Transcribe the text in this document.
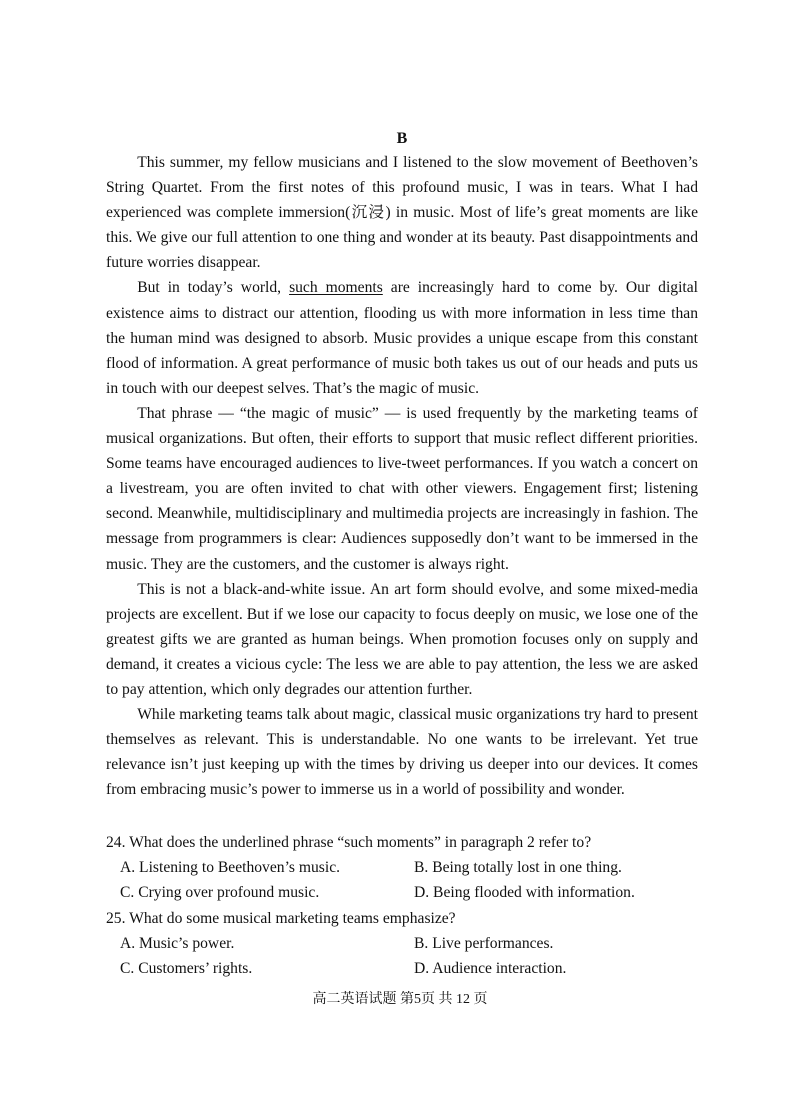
B

This summer, my fellow musicians and I listened to the slow movement of Beethoven’s String Quartet. From the first notes of this profound music, I was in tears. What I had experienced was complete immersion(沉浸) in music. Most of life’s great moments are like this. We give our full attention to one thing and wonder at its beauty. Past disappointments and future worries disappear.

But in today’s world, such moments are increasingly hard to come by. Our digital existence aims to distract our attention, flooding us with more information in less time than the human mind was designed to absorb. Music provides a unique escape from this constant flood of information. A great performance of music both takes us out of our heads and puts us in touch with our deepest selves. That’s the magic of music.

That phrase — “the magic of music” — is used frequently by the marketing teams of musical organizations. But often, their efforts to support that music reflect different priorities. Some teams have encouraged audiences to live-tweet performances. If you watch a concert on a livestream, you are often invited to chat with other viewers. Engagement first; listening second. Meanwhile, multidisciplinary and multimedia projects are increasingly in fashion. The message from programmers is clear: Audiences supposedly don’t want to be immersed in the music. They are the customers, and the customer is always right.

This is not a black-and-white issue. An art form should evolve, and some mixed-media projects are excellent. But if we lose our capacity to focus deeply on music, we lose one of the greatest gifts we are granted as human beings. When promotion focuses only on supply and demand, it creates a vicious cycle: The less we are able to pay attention, the less we are asked to pay attention, which only degrades our attention further.

While marketing teams talk about magic, classical music organizations try hard to present themselves as relevant. This is understandable. No one wants to be irrelevant. Yet true relevance isn’t just keeping up with the times by driving us deeper into our devices. It comes from embracing music’s power to immerse us in a world of possibility and wonder.

24. What does the underlined phrase “such moments” in paragraph 2 refer to?
A. Listening to Beethoven’s music.	B. Being totally lost in one thing.
C. Crying over profound music.	D. Being flooded with information.
25. What do some musical marketing teams emphasize?
A. Music’s power.	B. Live performances.
C. Customers’ rights.	D. Audience interaction.
高二英语试题 第5页 共 12 页
